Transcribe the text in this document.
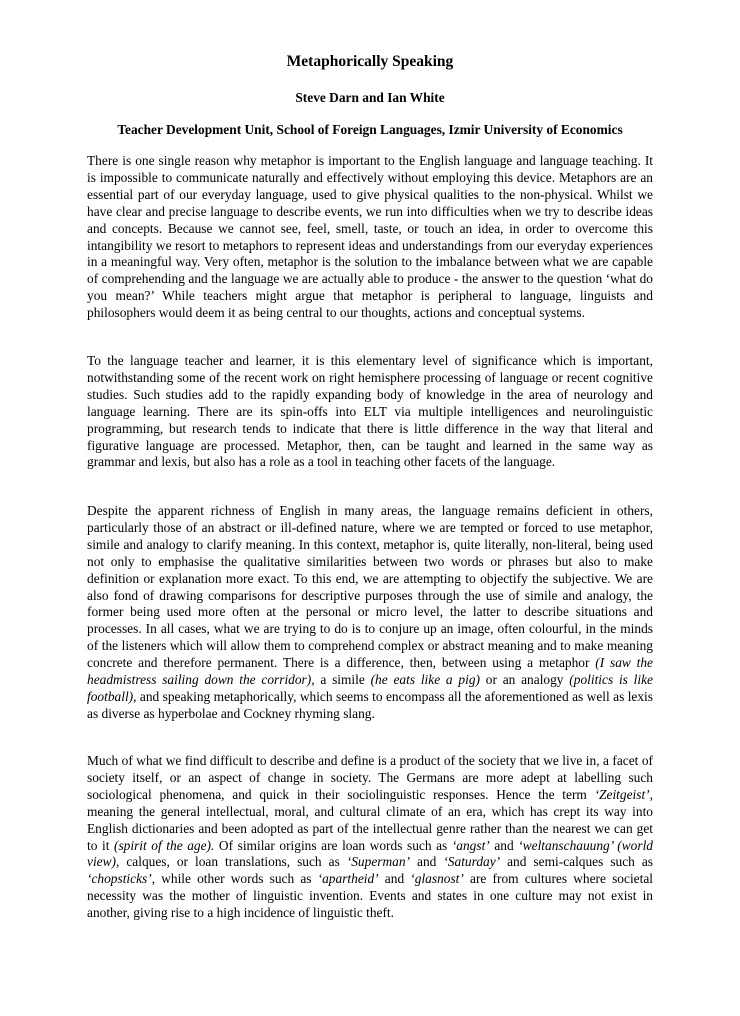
Metaphorically Speaking
Steve Darn and Ian White
Teacher Development Unit, School of Foreign Languages, Izmir University of Economics

There is one single reason why metaphor is important to the English language and language teaching. It is impossible to communicate naturally and effectively without employing this device. Metaphors are an essential part of our everyday language, used to give physical qualities to the non-physical. Whilst we have clear and precise language to describe events, we run into difficulties when we try to describe ideas and concepts. Because we cannot see, feel, smell, taste, or touch an idea, in order to overcome this intangibility we resort to metaphors to represent ideas and understandings from our everyday experiences in a meaningful way. Very often, metaphor is the solution to the imbalance between what we are capable of comprehending and the language we are actually able to produce - the answer to the question ‘what do you mean?’ While teachers might argue that metaphor is peripheral to language, linguists and philosophers would deem it as being central to our thoughts, actions and conceptual systems.

To the language teacher and learner, it is this elementary level of significance which is important, notwithstanding some of the recent work on right hemisphere processing of language or recent cognitive studies. Such studies add to the rapidly expanding body of knowledge in the area of neurology and language learning. There are its spin-offs into ELT via multiple intelligences and neurolinguistic programming, but research tends to indicate that there is little difference in the way that literal and figurative language are processed. Metaphor, then, can be taught and learned in the same way as grammar and lexis, but also has a role as a tool in teaching other facets of the language.

Despite the apparent richness of English in many areas, the language remains deficient in others, particularly those of an abstract or ill-defined nature, where we are tempted or forced to use metaphor, simile and analogy to clarify meaning. In this context, metaphor is, quite literally, non-literal, being used not only to emphasise the qualitative similarities between two words or phrases but also to make definition or explanation more exact. To this end, we are attempting to objectify the subjective. We are also fond of drawing comparisons for descriptive purposes through the use of simile and analogy, the former being used more often at the personal or micro level, the latter to describe situations and processes. In all cases, what we are trying to do is to conjure up an image, often colourful, in the minds of the listeners which will allow them to comprehend complex or abstract meaning and to make meaning concrete and therefore permanent. There is a difference, then, between using a metaphor (I saw the headmistress sailing down the corridor), a simile (he eats like a pig) or an analogy (politics is like football), and speaking metaphorically, which seems to encompass all the aforementioned as well as lexis as diverse as hyperbolae and Cockney rhyming slang.

Much of what we find difficult to describe and define is a product of the society that we live in, a facet of society itself, or an aspect of change in society. The Germans are more adept at labelling such sociological phenomena, and quick in their sociolinguistic responses. Hence the term ‘Zeitgeist’, meaning the general intellectual, moral, and cultural climate of an era, which has crept its way into English dictionaries and been adopted as part of the intellectual genre rather than the nearest we can get to it (spirit of the age). Of similar origins are loan words such as ‘angst’ and ‘weltanschauung’ (world view), calques, or loan translations, such as ‘Superman’ and ‘Saturday’ and semi-calques such as ‘chopsticks’, while other words such as ‘apartheid’ and ‘glasnost’ are from cultures where societal necessity was the mother of linguistic invention. Events and states in one culture may not exist in another, giving rise to a high incidence of linguistic theft.
